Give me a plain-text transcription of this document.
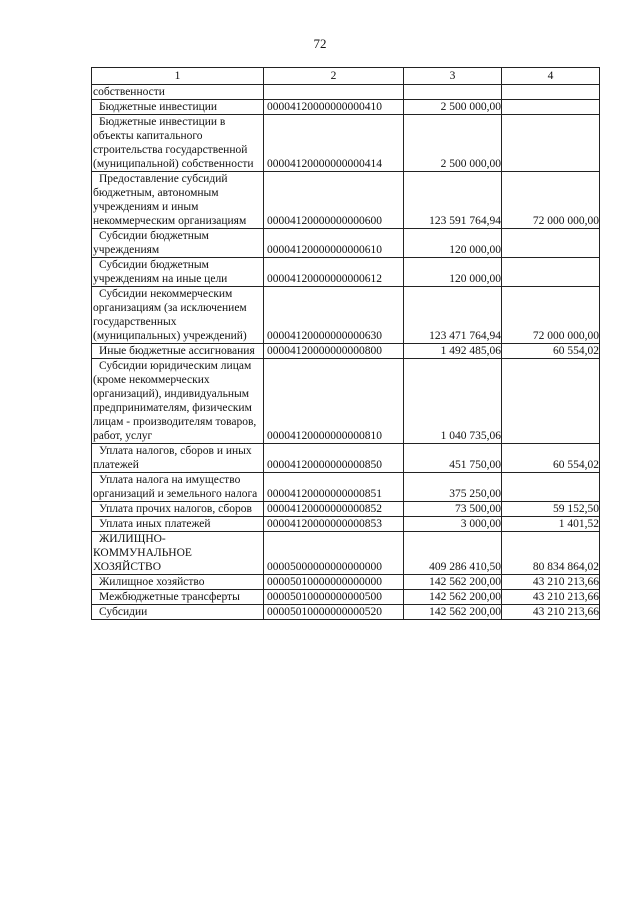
72
1	2	3	4
собственности			
Бюджетные инвестиции	00004120000000000410	2 500 000,00	
Бюджетные инвестиции в объекты капитального строительства государственной (муниципальной) собственности	00004120000000000414	2 500 000,00	
Предоставление субсидий бюджетным, автономным учреждениям и иным некоммерческим организациям	00004120000000000600	123 591 764,94	72 000 000,00
Субсидии бюджетным учреждениям	00004120000000000610	120 000,00	
Субсидии бюджетным учреждениям на иные цели	00004120000000000612	120 000,00	
Субсидии некоммерческим организациям (за исключением государственных (муниципальных) учреждений)	00004120000000000630	123 471 764,94	72 000 000,00
Иные бюджетные ассигнования	00004120000000000800	1 492 485,06	60 554,02
Субсидии юридическим лицам (кроме некоммерческих организаций), индивидуальным предпринимателям, физическим лицам - производителям товаров, работ, услуг	00004120000000000810	1 040 735,06	
Уплата налогов, сборов и иных платежей	00004120000000000850	451 750,00	60 554,02
Уплата налога на имущество организаций и земельного налога	00004120000000000851	375 250,00	
Уплата прочих налогов, сборов	00004120000000000852	73 500,00	59 152,50
Уплата иных платежей	00004120000000000853	3 000,00	1 401,52
ЖИЛИЩНО-КОММУНАЛЬНОЕ ХОЗЯЙСТВО	00005000000000000000	409 286 410,50	80 834 864,02
Жилищное хозяйство	00005010000000000000	142 562 200,00	43 210 213,66
Межбюджетные трансферты	00005010000000000500	142 562 200,00	43 210 213,66
Субсидии	00005010000000000520	142 562 200,00	43 210 213,66
